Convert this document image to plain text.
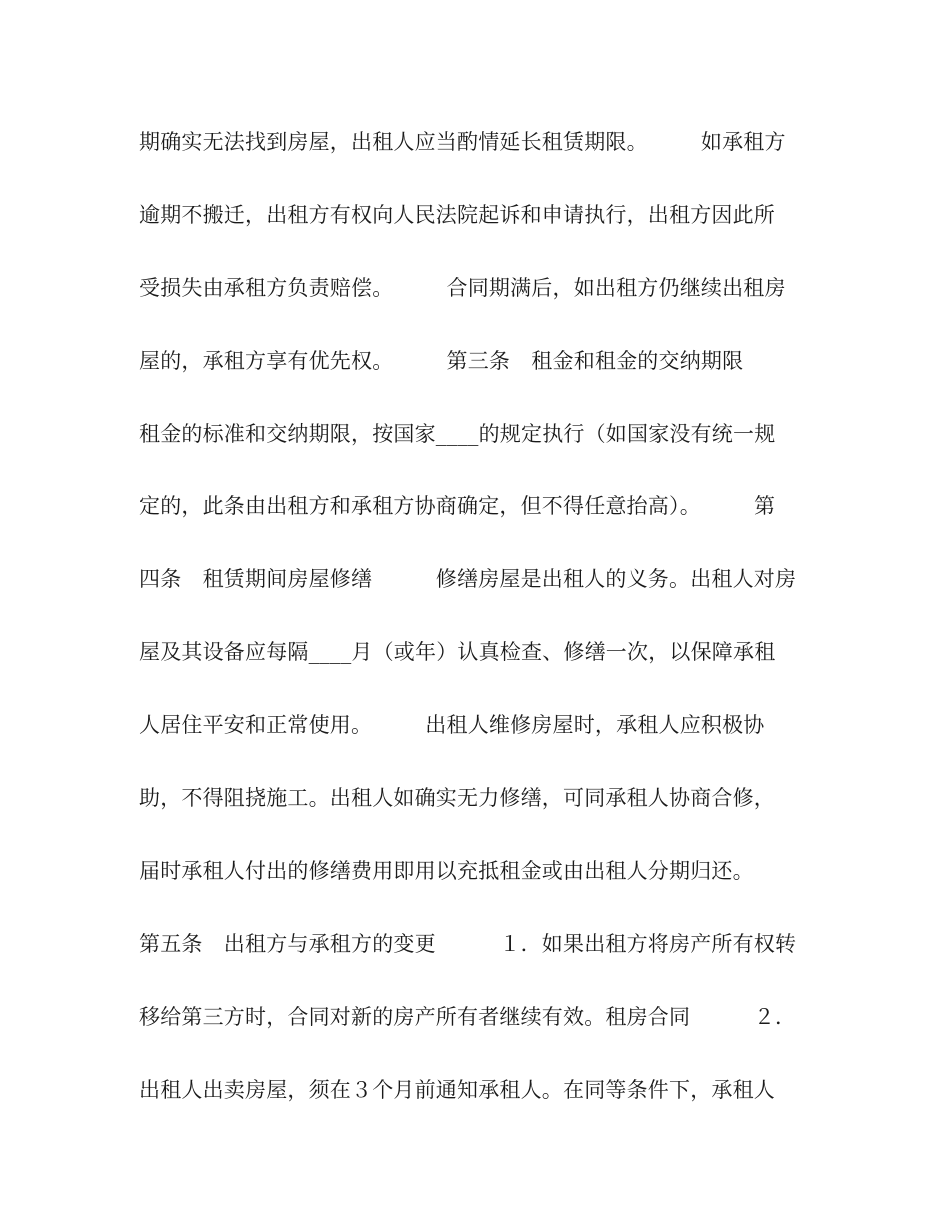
期确实无法找到房屋，出租人应当酌情延长租赁期限。　　　如承租方
逾期不搬迁，出租方有权向人民法院起诉和申请执行，出租方因此所
受损失由承租方负责赔偿。　　　合同期满后，如出租方仍继续出租房
屋的，承租方享有优先权。　　　第三条　租金和租金的交纳期限
租金的标准和交纳期限，按国家____的规定执行（如国家没有统一规
定的，此条由出租方和承租方协商确定，但不得任意抬高）。　　　第
四条　租赁期间房屋修缮　　　修缮房屋是出租人的义务。出租人对房
屋及其设备应每隔____月（或年）认真检查、修缮一次，以保障承租
人居住平安和正常使用。　　　出租人维修房屋时，承租人应积极协
助，不得阻挠施工。出租人如确实无力修缮，可同承租人协商合修，
届时承租人付出的修缮费用即用以充抵租金或由出租人分期归还。
第五条　出租方与承租方的变更　　　１．如果出租方将房产所有权转
移给第三方时，合同对新的房产所有者继续有效。租房合同　　　２．
出租人出卖房屋，须在３个月前通知承租人。在同等条件下，承租人
